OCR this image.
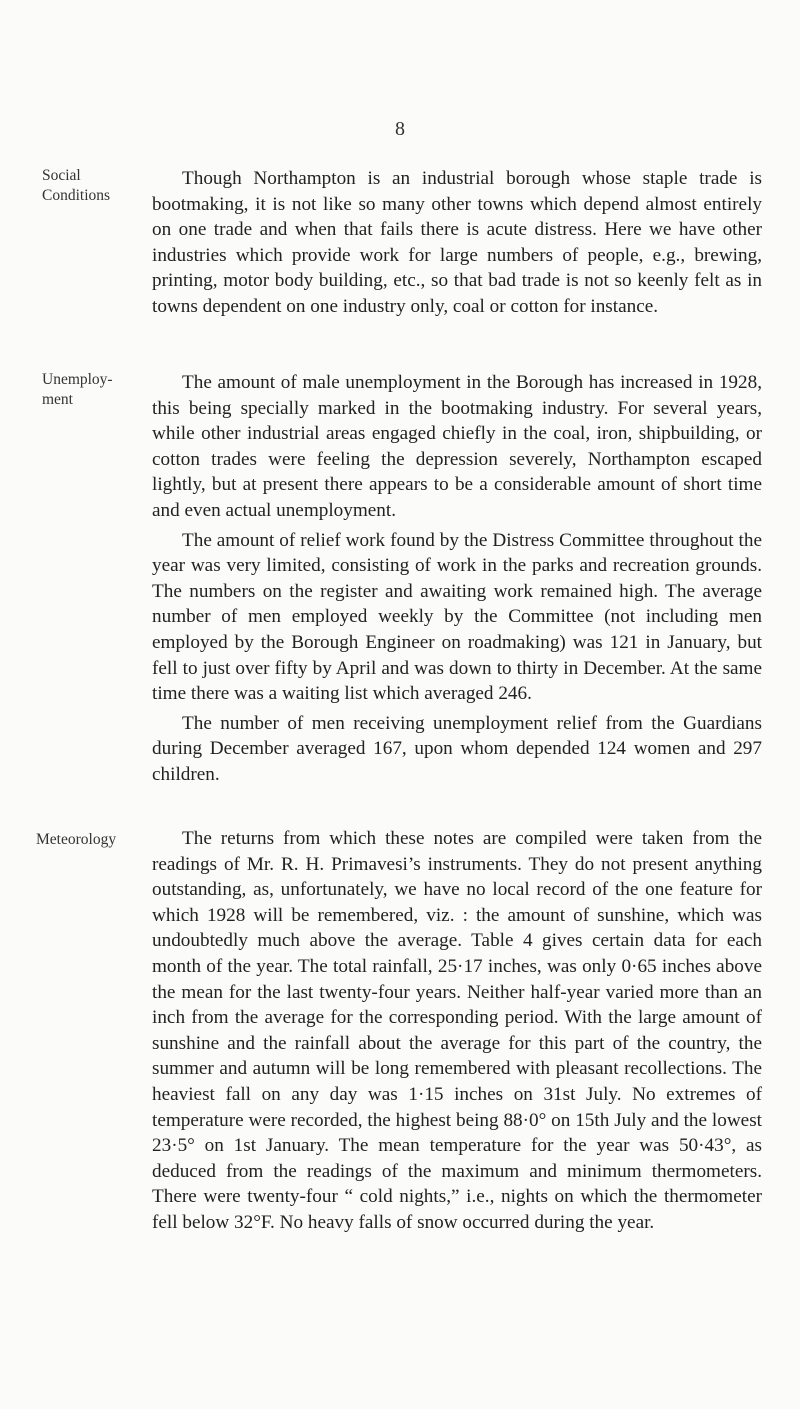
8
Social
Conditions

Though Northampton is an industrial borough whose staple trade is bootmaking, it is not like so many other towns which depend almost entirely on one trade and when that fails there is acute distress. Here we have other industries which provide work for large numbers of people, e.g., brewing, printing, motor body building, etc., so that bad trade is not so keenly felt as in towns dependent on one industry only, coal or cotton for instance.

Unemploy-
ment

The amount of male unemployment in the Borough has increased in 1928, this being specially marked in the bootmaking industry. For several years, while other industrial areas engaged chiefly in the coal, iron, shipbuilding, or cotton trades were feeling the depression severely, Northampton escaped lightly, but at present there appears to be a considerable amount of short time and even actual unemployment.

The amount of relief work found by the Distress Committee throughout the year was very limited, consisting of work in the parks and recreation grounds. The numbers on the register and awaiting work remained high. The average number of men employed weekly by the Committee (not including men employed by the Borough Engineer on roadmaking) was 121 in January, but fell to just over fifty by April and was down to thirty in December. At the same time there was a waiting list which averaged 246.

The number of men receiving unemployment relief from the Guardians during December averaged 167, upon whom depended 124 women and 297 children.

Meteorology	The returns from which these notes are compiled were taken from the readings of Mr. R. H. Primavesi’s instruments. They do not present anything outstanding, as, unfortunately, we have no local record of the one feature for which 1928 will be remembered, viz. : the amount of sunshine, which was undoubtedly much above the average. Table 4 gives certain data for each month of the year. The total rainfall, 25·17 inches, was only 0·65 inches above the mean for the last twenty-four years. Neither half-year varied more than an inch from the average for the corresponding period. With the large amount of sunshine and the rainfall about the average for this part of the country, the summer and autumn will be long remembered with pleasant recollections. The heaviest fall on any day was 1·15 inches on 31st July. No extremes of temperature were recorded, the highest being 88·0° on 15th July and the lowest 23·5° on 1st January. The mean temperature for the year was 50·43°, as deduced from the readings of the maximum and minimum thermometers. There were twenty-four “ cold nights,” i.e., nights on which the thermometer fell below 32°F. No heavy falls of snow occurred during the year.
